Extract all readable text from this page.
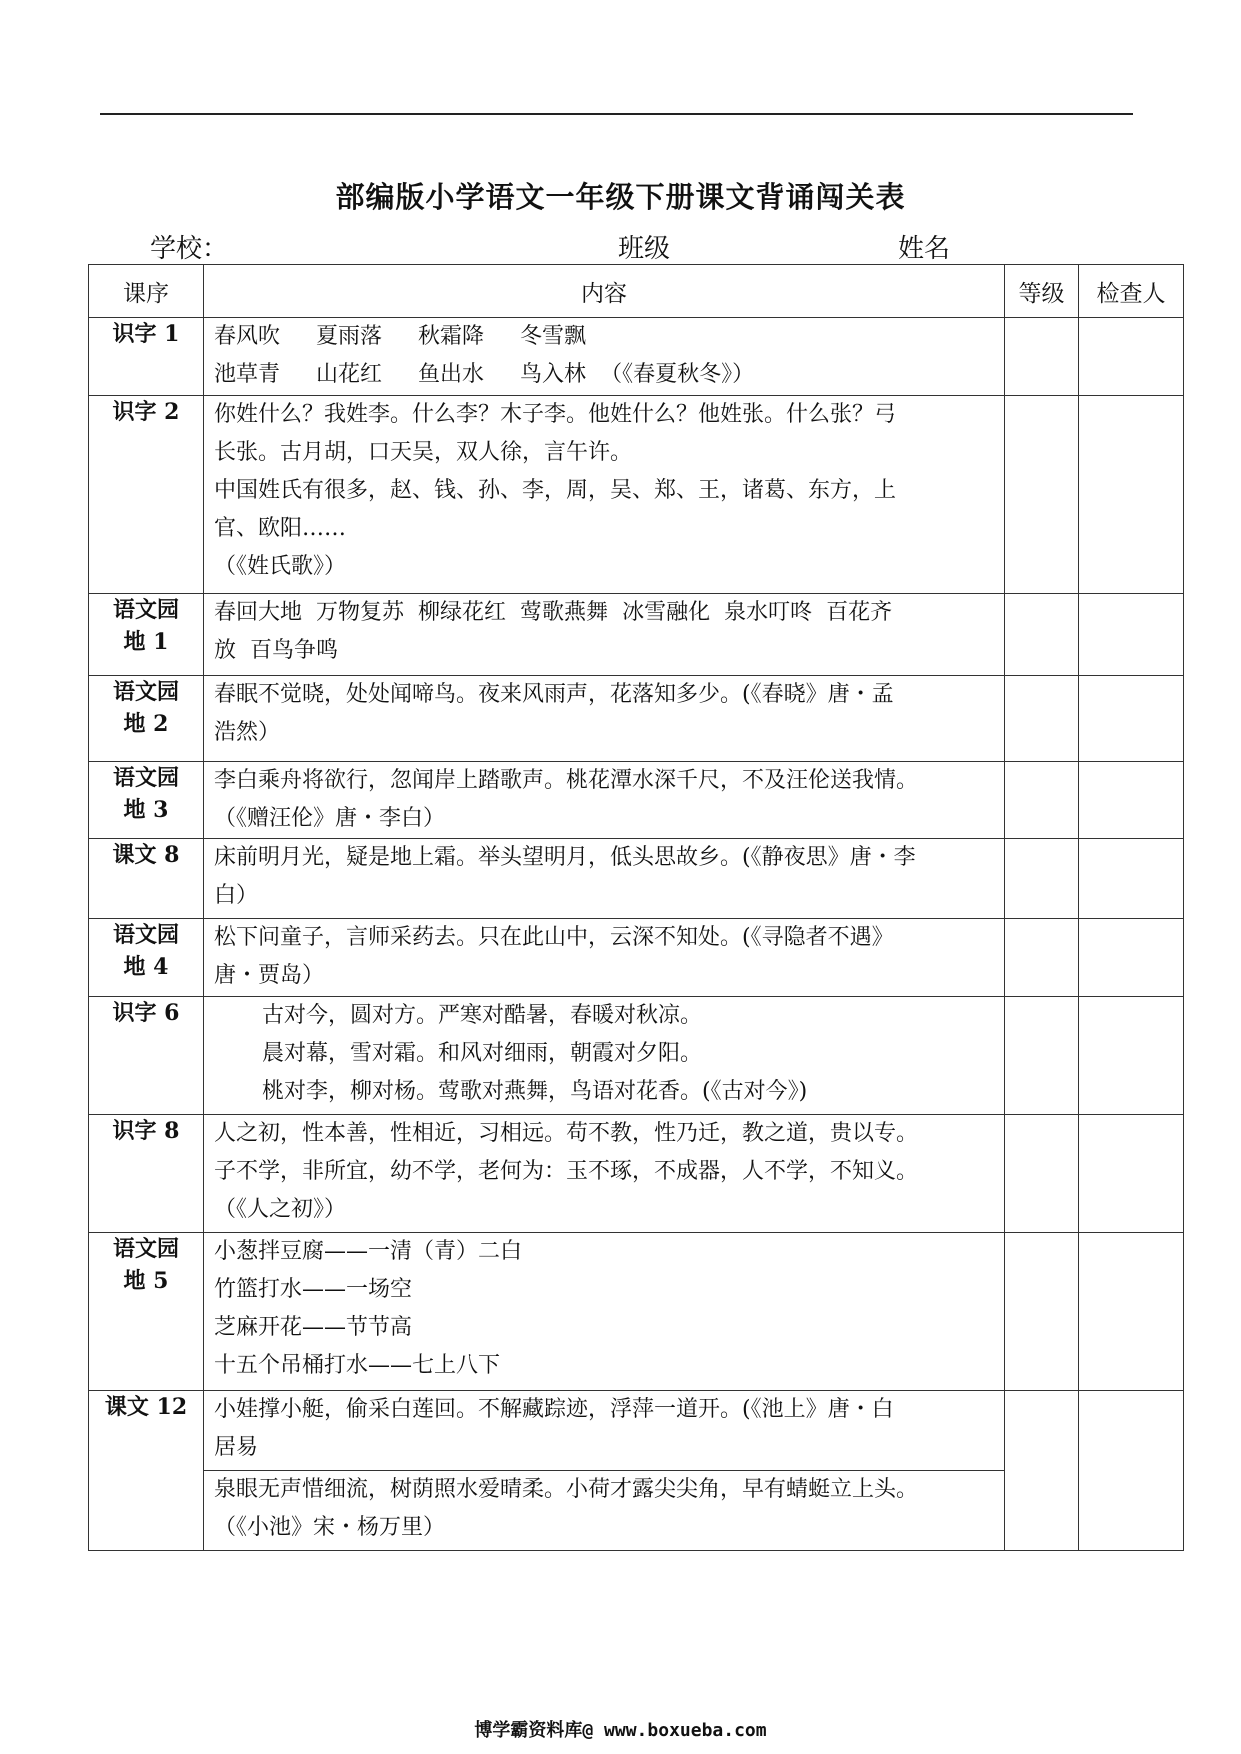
部编版小学语文一年级下册课文背诵闯关表
学校：	班级	姓名
课序	内容	等级	检查人
识字 1	春风吹 夏雨落 秋霜降 冬雪飘
池草青 山花红 鱼出水 鸟入林 （《春夏秋冬》）		

识字 2	你姓什么？我姓李。什么李？木子李。他姓什么？他姓张。什么张？弓
长张。古月胡，口天吴，双人徐，言午许。
中国姓氏有很多，赵、钱、孙、李，周，吴、郑、王，诸葛、东方，上
官、欧阳……
（《姓氏歌》）		

语文园
地 1	春回大地 万物复苏 柳绿花红 莺歌燕舞 冰雪融化 泉水叮咚 百花齐
放 百鸟争鸣		

语文园
地 2	春眠不觉晓，处处闻啼鸟。夜来风雨声，花落知多少。(《春晓》唐・孟
浩然）		

语文园
地 3	李白乘舟将欲行，忽闻岸上踏歌声。桃花潭水深千尺，不及汪伦送我情。
（《赠汪伦》唐・李白）		

课文 8	床前明月光，疑是地上霜。举头望明月，低头思故乡。(《静夜思》唐・李
白）		

语文园
地 4	松下问童子，言师采药去。只在此山中，云深不知处。(《寻隐者不遇》
唐・贾岛）		

识字 6	古对今，圆对方。严寒对酷暑，春暖对秋凉。
晨对幕，雪对霜。和风对细雨，朝霞对夕阳。
桃对李，柳对杨。莺歌对燕舞，鸟语对花香。(《古对今》)		

识字 8	人之初，性本善，性相近，习相远。苟不教，性乃迁，教之道，贵以专。
子不学，非所宜，幼不学，老何为：玉不琢，不成器，人不学，不知义。
（《人之初》）		

语文园
地 5	小葱拌豆腐——一清（青）二白
竹篮打水——一场空
芝麻开花——节节高
十五个吊桶打水——七上八下		

课文 12	小娃撑小艇，偷采白莲回。不解藏踪迹，浮萍一道开。(《池上》唐・白
居易		

	泉眼无声惜细流，树荫照水爱晴柔。小荷才露尖尖角，早有蜻蜓立上头。
（《小池》宋・杨万里）		
博学霸资料库@ www.boxueba.com
